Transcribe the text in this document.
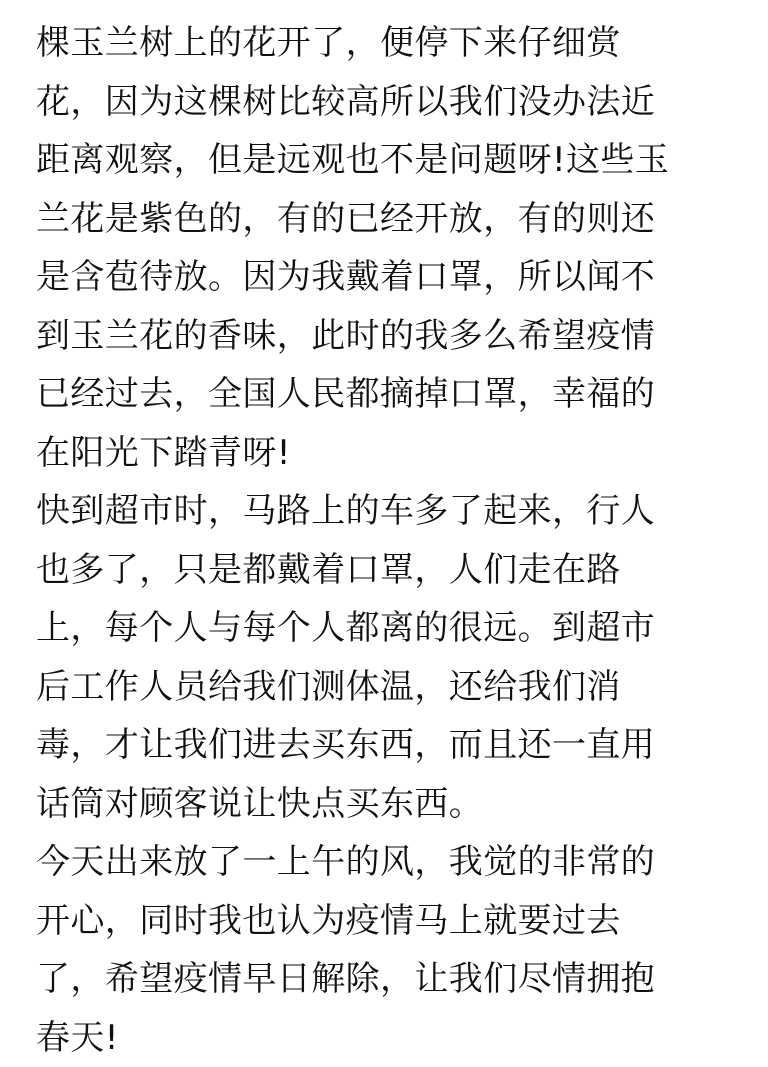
棵玉兰树上的花开了，便停下来仔细赏
花，因为这棵树比较高所以我们没办法近
距离观察，但是远观也不是问题呀!这些玉
兰花是紫色的，有的已经开放，有的则还
是含苞待放。因为我戴着口罩，所以闻不
到玉兰花的香味，此时的我多么希望疫情
已经过去，全国人民都摘掉口罩，幸福的
在阳光下踏青呀!
快到超市时，马路上的车多了起来，行人
也多了，只是都戴着口罩，人们走在路
上，每个人与每个人都离的很远。到超市
后工作人员给我们测体温，还给我们消
毒，才让我们进去买东西，而且还一直用
话筒对顾客说让快点买东西。
今天出来放了一上午的风，我觉的非常的
开心，同时我也认为疫情马上就要过去
了，希望疫情早日解除，让我们尽情拥抱
春天!
